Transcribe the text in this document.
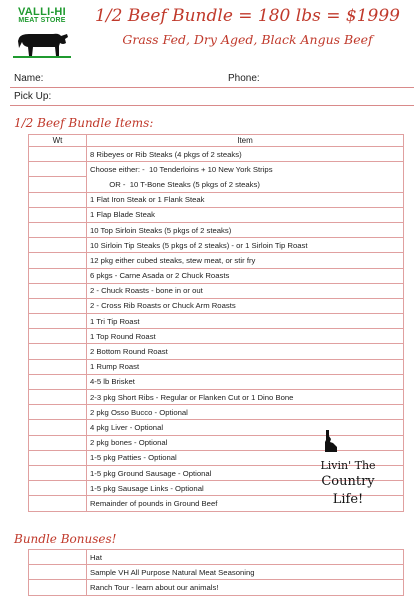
VALLI-HI
MEAT STORE	1/2 Beef Bundle = 180 lbs = $1999
Grass Fed, Dry Aged, Black Angus Beef
Name:	Phone:
Pick Up:
1/2 Beef Bundle Items:
Wt	Item
	8 Ribeyes or Rib Steaks (4 pkgs of 2 steaks)
	Choose either: -  10 Tenderloins + 10 New York Strips
	OR -  10 T-Bone Steaks (5 pkgs of 2 steaks)
	1 Flat Iron Steak or 1 Flank Steak
	1 Flap Blade Steak
	10 Top Sirloin Steaks (5 pkgs of 2 steaks)
	10 Sirloin Tip Steaks (5 pkgs of 2 steaks) - or 1 Sirloin Tip Roast
	12 pkg either cubed steaks, stew meat, or stir fry
	6 pkgs - Carne Asada or 2 Chuck Roasts
	2 - Chuck Roasts - bone in or out
	2 - Cross Rib Roasts or Chuck Arm Roasts
	1 Tri Tip Roast
	1 Top Round Roast
	2 Bottom Round Roast
	1 Rump Roast
	4-5 lb Brisket
	2-3 pkg Short Ribs - Regular or Flanken Cut or 1 Dino Bone
	2 pkg Osso Bucco - Optional
	4 pkg Liver - Optional
	2 pkg bones - Optional
	1-5 pkg Patties - Optional
	1-5 pkg Ground Sausage - Optional
	1-5 pkg Sausage Links - Optional
	Remainder of pounds in Ground Beef
Bundle Bonuses!
	Hat
	Sample VH All Purpose Natural Meat Seasoning
	Ranch Tour - learn about our animals!
Livin' The
Country
Life!
